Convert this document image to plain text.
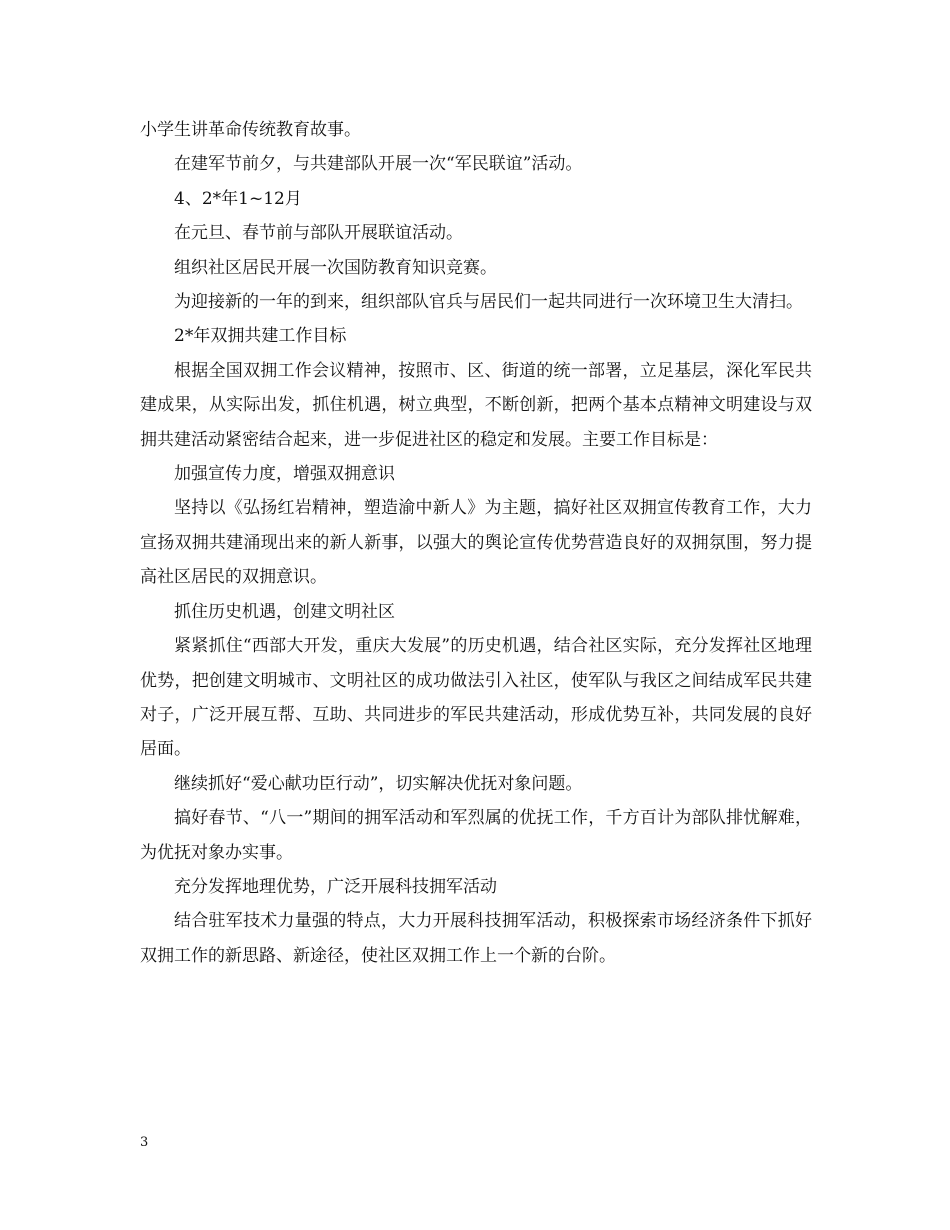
小学生讲革命传统教育故事。

在建军节前夕，与共建部队开展一次“军民联谊”活动。

4、2*年1~12月

在元旦、春节前与部队开展联谊活动。

组织社区居民开展一次国防教育知识竞赛。

为迎接新的一年的到来，组织部队官兵与居民们一起共同进行一次环境卫生大清扫。

2*年双拥共建工作目标

根据全国双拥工作会议精神，按照市、区、街道的统一部署，立足基层，深化军民共建成果，从实际出发，抓住机遇，树立典型，不断创新，把两个基本点精神文明建设与双拥共建活动紧密结合起来，进一步促进社区的稳定和发展。主要工作目标是：

加强宣传力度，增强双拥意识

坚持以《弘扬红岩精神，塑造渝中新人》为主题，搞好社区双拥宣传教育工作，大力宣扬双拥共建涌现出来的新人新事，以强大的舆论宣传优势营造良好的双拥氛围，努力提高社区居民的双拥意识。

抓住历史机遇，创建文明社区

紧紧抓住“西部大开发，重庆大发展”的历史机遇，结合社区实际，充分发挥社区地理优势，把创建文明城市、文明社区的成功做法引入社区，使军队与我区之间结成军民共建对子，广泛开展互帮、互助、共同进步的军民共建活动，形成优势互补，共同发展的良好居面。

继续抓好“爱心献功臣行动”，切实解决优抚对象问题。

搞好春节、“八一”期间的拥军活动和军烈属的优抚工作，千方百计为部队排忧解难，为优抚对象办实事。

充分发挥地理优势，广泛开展科技拥军活动

结合驻军技术力量强的特点，大力开展科技拥军活动，积极探索市场经济条件下抓好双拥工作的新思路、新途径，使社区双拥工作上一个新的台阶。

3
